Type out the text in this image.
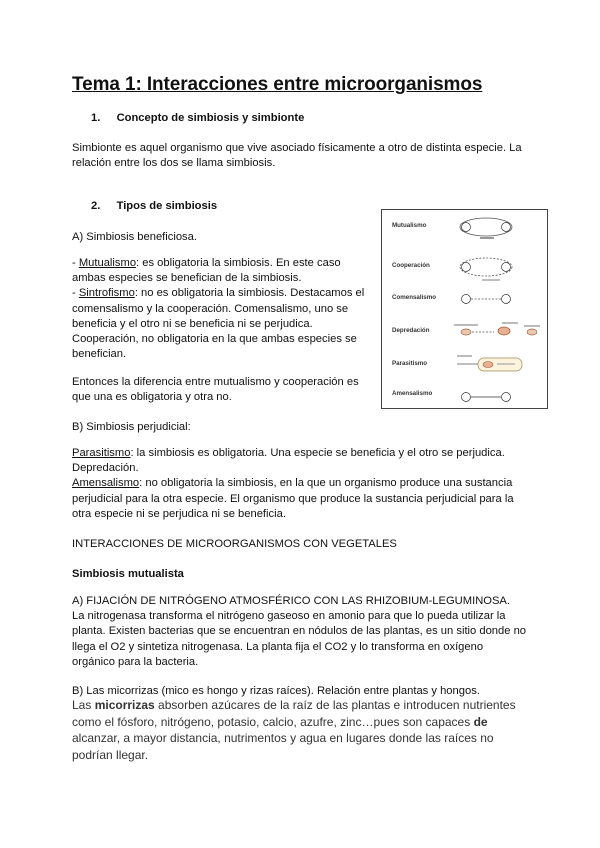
Tema 1: Interacciones entre microorganismos
1. Concepto de simbiosis y simbionte
Simbionte es aquel organismo que vive asociado físicamente a otro de distinta especie. La
relación entre los dos se llama simbiosis.
2. Tipos de simbiosis
A) Simbiosis beneficiosa.
- Mutualismo: es obligatoria la simbiosis. En este caso
ambas especies se benefician de la simbiosis.
- Sintrofismo: no es obligatoria la simbiosis. Destacamos el
comensalismo y la cooperación. Comensalismo, uno se
beneficia y el otro ni se beneficia ni se perjudica.
Cooperación, no obligatoria en la que ambas especies se
benefician.
Entonces la diferencia entre mutualismo y cooperación es
que una es obligatoria y otra no.
B) Simbiosis perjudicial:
Parasitismo: la simbiosis es obligatoria. Una especie se beneficia y el otro se perjudica.
Depredación.
Amensalismo: no obligatoria la simbiosis, en la que un organismo produce una sustancia
perjudicial para la otra especie. El organismo que produce la sustancia perjudicial para la
otra especie ni se perjudica ni se beneficia.
Mutualismo
Cooperación
Comensalismo
Depredación
Parasitismo
Amensalismo
INTERACCIONES DE MICROORGANISMOS CON VEGETALES
Simbiosis mutualista
A) FIJACIÓN DE NITRÓGENO ATMOSFÉRICO CON LAS RHIZOBIUM-LEGUMINOSA.
La nitrogenasa transforma el nitrógeno gaseoso en amonio para que lo pueda utilizar la
planta. Existen bacterias que se encuentran en nódulos de las plantas, es un sitio donde no
llega el O2 y sintetiza nitrogenasa. La planta fija el CO2 y lo transforma en oxígeno
orgánico para la bacteria.
B) Las micorrizas (mico es hongo y rizas raíces). Relación entre plantas y hongos.
Las micorrizas absorben azúcares de la raíz de las plantas e introducen nutrientes
como el fósforo, nitrógeno, potasio, calcio, azufre, zinc…pues son capaces de
alcanzar, a mayor distancia, nutrimentos y agua en lugares donde las raíces no
podrían llegar.
